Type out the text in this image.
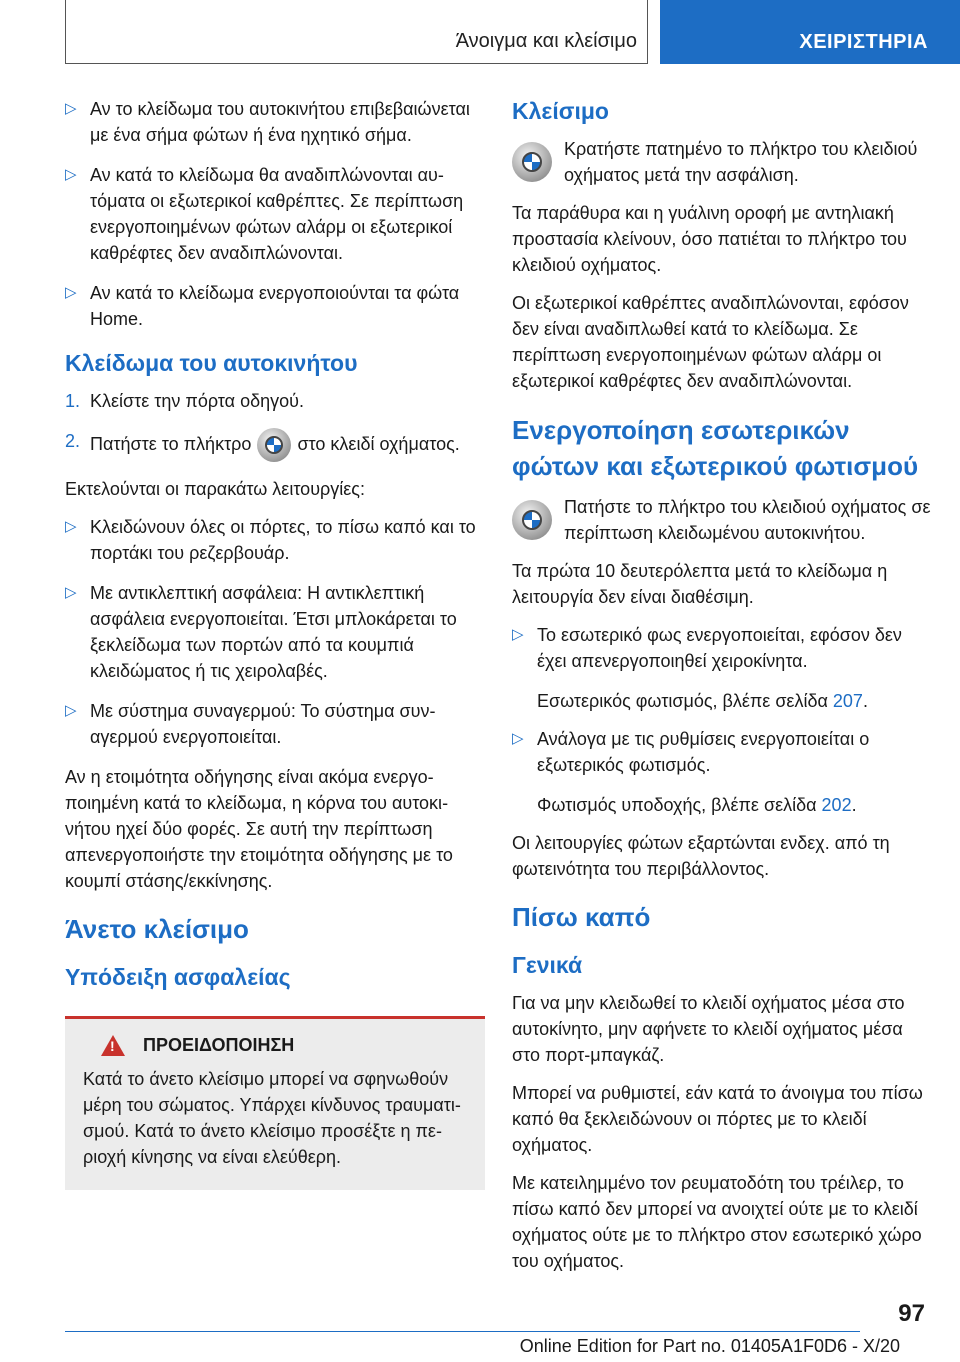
Άνοιγμα και κλείσιμο	ΧΕΙΡΙΣΤΗΡΙΑ
▷ Αν το κλείδωμα του αυτοκινήτου επιβεβαιώνεται με ένα σήμα φώτων ή ένα ηχητικό σήμα.
▷ Αν κατά το κλείδωμα θα αναδιπλώνονται αυτόματα οι εξωτερικοί καθρέπτες. Σε περίπτωση ενεργοποιημένων φώτων αλάρμ οι εξωτερικοί καθρέφτες δεν αναδιπλώνονται.
▷ Αν κατά το κλείδωμα ενεργοποιούνται τα φώτα Home.
Κλείδωμα του αυτοκινήτου
1. Κλείστε την πόρτα οδηγού.
2. Πατήστε το πλήκτρο	στο κλειδί οχήματος.

Εκτελούνται οι παρακάτω λειτουργίες:

▷ Κλειδώνουν όλες οι πόρτες, το πίσω καπό και το πορτάκι του ρεζερβουάρ.
▷ Με αντικλεπτική ασφάλεια: Η αντικλεπτική ασφάλεια ενεργοποιείται. Έτσι μπλοκάρεται το ξεκλείδωμα των πορτών από τα κουμπιά κλειδώματος ή τις χειρολαβές.
▷ Με σύστημα συναγερμού: Το σύστημα συναγερμού ενεργοποιείται.

Αν η ετοιμότητα οδήγησης είναι ακόμα ενεργοποιημένη κατά το κλείδωμα, η κόρνα του αυτοκινήτου ηχεί δύο φορές. Σε αυτή την περίπτωση απενεργοποιήστε την ετοιμότητα οδήγησης με το κουμπί στάσης/εκκίνησης.

Άνετο κλείσιμο
Υπόδειξη ασφαλείας
!
ΠΡΟΕΙΔΟΠΟΙΗΣΗ

Κατά το άνετο κλείσιμο μπορεί να σφηνωθούν μέρη του σώματος. Υπάρχει κίνδυνος τραυματισμού. Κατά το άνετο κλείσιμο προσέξτε η περιοχή κίνησης να είναι ελεύθερη.

Κλείσιμο
Κρατήστε πατημένο το πλήκτρο του κλειδιού οχήματος μετά την ασφάλιση.

Τα παράθυρα και η γυάλινη οροφή με αντηλιακή προστασία κλείνουν, όσο πατιέται το πλήκτρο του κλειδιού οχήματος.

Οι εξωτερικοί καθρέπτες αναδιπλώνονται, εφόσον δεν είναι αναδιπλωθεί κατά το κλείδωμα. Σε περίπτωση ενεργοποιημένων φώτων αλάρμ οι εξωτερικοί καθρέφτες δεν αναδιπλώνονται.

Ενεργοποίηση εσωτερικών φώτων και εξωτερικού φωτισμού
Πατήστε το πλήκτρο του κλειδιού οχήματος σε περίπτωση κλειδωμένου αυτοκινήτου.

Τα πρώτα 10 δευτερόλεπτα μετά το κλείδωμα η λειτουργία δεν είναι διαθέσιμη.

▷ Το εσωτερικό φως ενεργοποιείται, εφόσον δεν έχει απενεργοποιηθεί χειροκίνητα.
Εσωτερικός φωτισμός, βλέπε σελίδα 207.
▷ Ανάλογα με τις ρυθμίσεις ενεργοποιείται ο εξωτερικός φωτισμός.
Φωτισμός υποδοχής, βλέπε σελίδα 202.

Οι λειτουργίες φώτων εξαρτώνται ενδεχ. από τη φωτεινότητα του περιβάλλοντος.

Πίσω καπό
Γενικά

Για να μην κλειδωθεί το κλειδί οχήματος μέσα στο αυτοκίνητο, μην αφήνετε το κλειδί οχήματος μέσα στο πορτ-μπαγκάζ.

Μπορεί να ρυθμιστεί, εάν κατά το άνοιγμα του πίσω καπό θα ξεκλειδώνουν οι πόρτες με το κλειδί οχήματος.

Με κατειλημμένο τον ρευματοδότη του τρέιλερ, το πίσω καπό δεν μπορεί να ανοιχτεί ούτε με το κλειδί οχήματος ούτε με το πλήκτρο στον εσωτερικό χώρο του οχήματος.

97
Online Edition for Part no. 01405A1F0D6 - X/20
